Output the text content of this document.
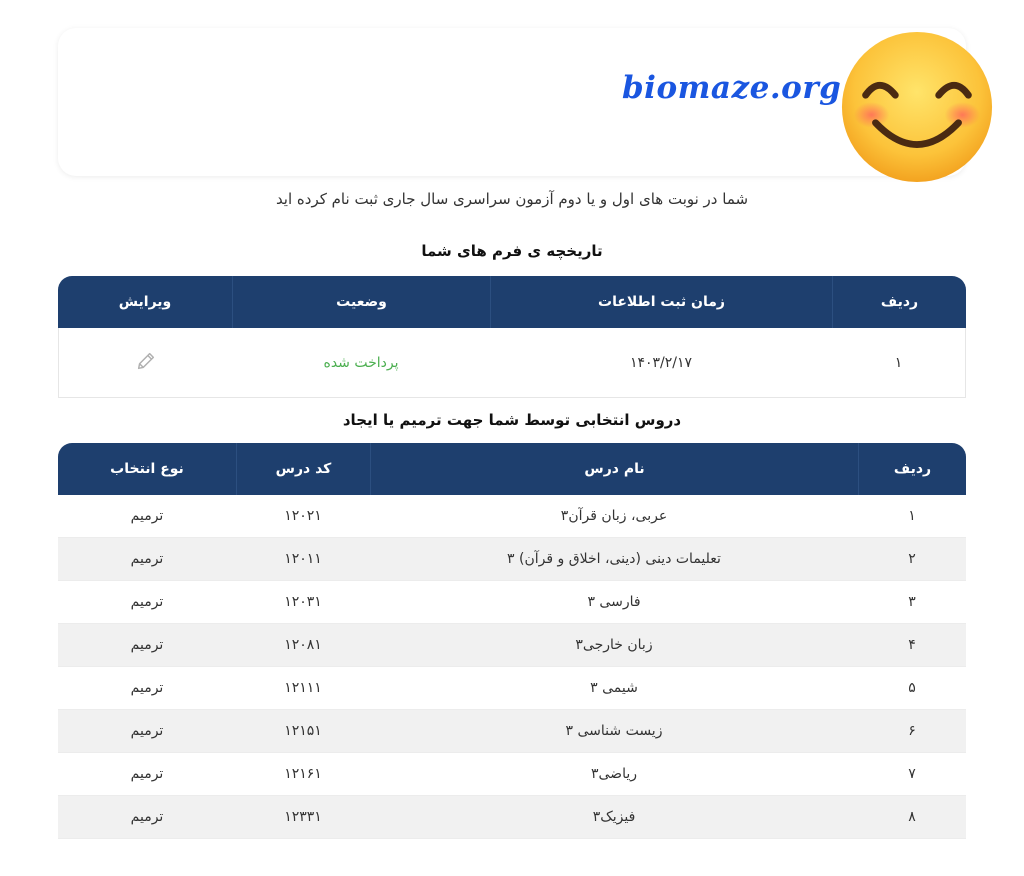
biomaze.org
شما در نوبت های اول و یا دوم آزمون سراسری سال جاری ثبت نام کرده اید
تاریخچه ی فرم های شما
ردیف	زمان ثبت اطلاعات	وضعیت	ویرایش
۱	۱۴۰۳/۲/۱۷	پرداخت شده	
دروس انتخابی توسط شما جهت ترمیم یا ایجاد
ردیف	نام درس	کد درس	نوع انتخاب
۱	عربی، زبان قرآن۳	۱۲۰۲۱	ترمیم
۲	تعلیمات دینی (دینی، اخلاق و قرآن) ۳	۱۲۰۱۱	ترمیم
۳	فارسی ۳	۱۲۰۳۱	ترمیم
۴	زبان خارجی۳	۱۲۰۸۱	ترمیم
۵	شیمی ۳	۱۲۱۱۱	ترمیم
۶	زیست شناسی ۳	۱۲۱۵۱	ترمیم
۷	ریاضی۳	۱۲۱۶۱	ترمیم
۸	فیزیک۳	۱۲۳۳۱	ترمیم
